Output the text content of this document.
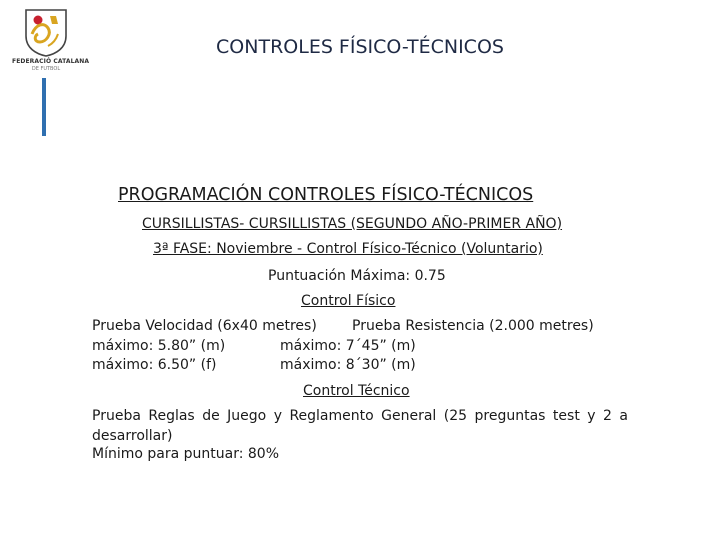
FEDERACIÓ CATALANA
DE FUTBOL
CONTROLES FÍSICO-TÉCNICOS
PROGRAMACIÓN CONTROLES FÍSICO-TÉCNICOS
CURSILLISTAS- CURSILLISTAS (SEGUNDO AÑO-PRIMER AÑO)
3ª FASE: Noviembre - Control Físico-Técnico (Voluntario)
Puntuación Máxima: 0.75
Control Físico
Prueba Velocidad (6x40 metres)	Prueba Resistencia (2.000 metres)
máximo: 5.80” (m)	máximo: 7´45” (m)
máximo: 6.50” (f)	máximo: 8´30” (m)
Control Técnico
Prueba Reglas de Juego y Reglamento General (25 preguntas test y 2 a desarrollar)
Mínimo para puntuar: 80%
